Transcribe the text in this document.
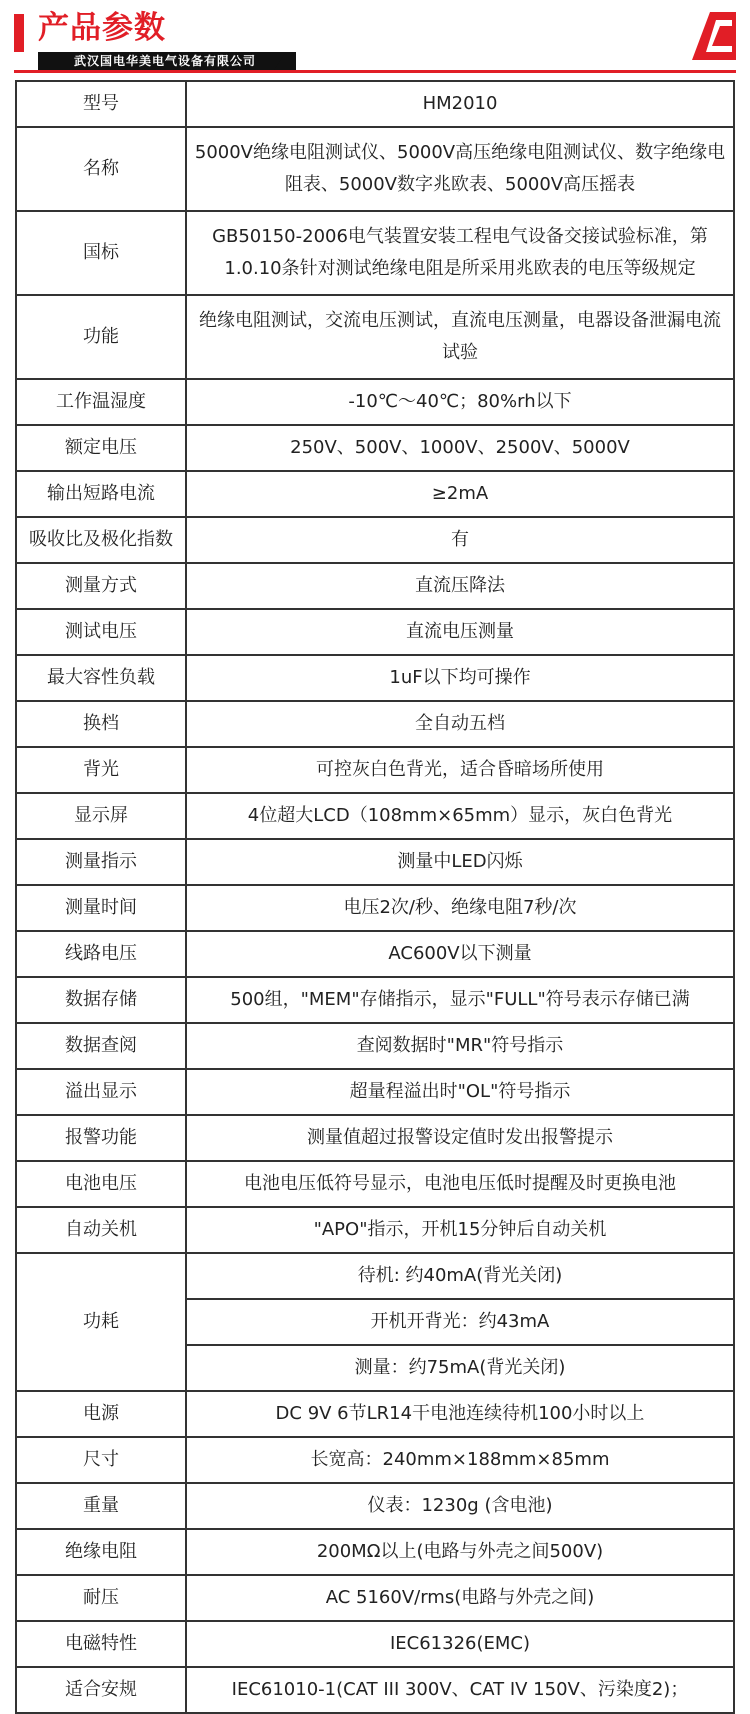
产品参数
武汉国电华美电气设备有限公司
型号	HM2010
名称	5000V绝缘电阻测试仪、5000V高压绝缘电阻测试仪、数字绝缘电阻表、5000V数字兆欧表、5000V高压摇表
国标	GB50150-2006电气装置安装工程电气设备交接试验标准，第1.0.10条针对测试绝缘电阻是所采用兆欧表的电压等级规定
功能	绝缘电阻测试，交流电压测试，直流电压测量，电器设备泄漏电流试验
工作温湿度	-10℃～40℃；80%rh以下
额定电压	250V、500V、1000V、2500V、5000V
输出短路电流	≥2mA
吸收比及极化指数	有
测量方式	直流压降法
测试电压	直流电压测量
最大容性负载	1uF以下均可操作
换档	全自动五档
背光	可控灰白色背光，适合昏暗场所使用
显示屏	4位超大LCD（108mm×65mm）显示，灰白色背光
测量指示	测量中LED闪烁
测量时间	电压2次/秒、绝缘电阻7秒/次
线路电压	AC600V以下测量
数据存储	500组，"MEM"存储指示，显示"FULL"符号表示存储已满
数据查阅	查阅数据时"MR"符号指示
溢出显示	超量程溢出时"OL"符号指示
报警功能	测量值超过报警设定值时发出报警提示
电池电压	电池电压低符号显示，电池电压低时提醒及时更换电池
自动关机	"APO"指示，开机15分钟后自动关机
功耗	待机: 约40mA(背光关闭)
	开机开背光：约43mA
	测量：约75mA(背光关闭)
电源	DC 9V 6节LR14干电池连续待机100小时以上
尺寸	长宽高：240mm×188mm×85mm
重量	仪表：1230g (含电池)
绝缘电阻	200MΩ以上(电路与外壳之间500V)
耐压	AC 5160V/rms(电路与外壳之间)
电磁特性	IEC61326(EMC)
适合安规	IEC61010-1(CAT III 300V、CAT IV 150V、污染度2)；
